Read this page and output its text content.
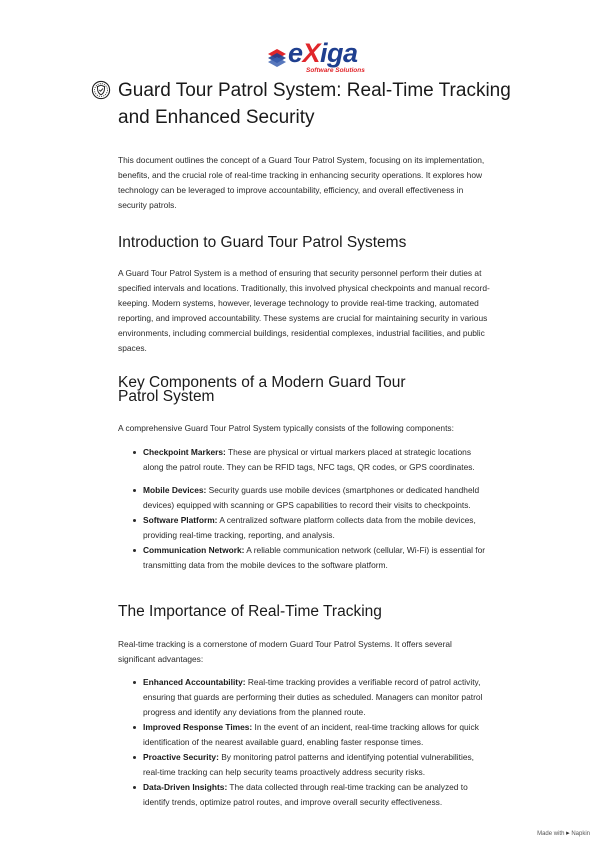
eXiga
Software Solutions
Guard Tour Patrol System: Real-Time Tracking and Enhanced Security

This document outlines the concept of a Guard Tour Patrol System, focusing on its implementation, benefits, and the crucial role of real-time tracking in enhancing security operations. It explores how technology can be leveraged to improve accountability, efficiency, and overall effectiveness in security patrols.

Introduction to Guard Tour Patrol Systems

A Guard Tour Patrol System is a method of ensuring that security personnel perform their duties at specified intervals and locations. Traditionally, this involved physical checkpoints and manual record-keeping. Modern systems, however, leverage technology to provide real-time tracking, automated reporting, and improved accountability. These systems are crucial for maintaining security in various environments, including commercial buildings, residential complexes, industrial facilities, and public spaces.

Key Components of a Modern Guard Tour Patrol System

A comprehensive Guard Tour Patrol System typically consists of the following components:

Checkpoint Markers: These are physical or virtual markers placed at strategic locations along the patrol route. They can be RFID tags, NFC tags, QR codes, or GPS coordinates.
Mobile Devices: Security guards use mobile devices (smartphones or dedicated handheld devices) equipped with scanning or GPS capabilities to record their visits to checkpoints.
Software Platform: A centralized software platform collects data from the mobile devices, providing real-time tracking, reporting, and analysis.
Communication Network: A reliable communication network (cellular, Wi-Fi) is essential for transmitting data from the mobile devices to the software platform.
The Importance of Real-Time Tracking

Real-time tracking is a cornerstone of modern Guard Tour Patrol Systems. It offers several significant advantages:

Enhanced Accountability: Real-time tracking provides a verifiable record of patrol activity, ensuring that guards are performing their duties as scheduled. Managers can monitor patrol progress and identify any deviations from the planned route.
Improved Response Times: In the event of an incident, real-time tracking allows for quick identification of the nearest available guard, enabling faster response times.
Proactive Security: By monitoring patrol patterns and identifying potential vulnerabilities, real-time tracking can help security teams proactively address security risks.
Data-Driven Insights: The data collected through real-time tracking can be analyzed to identify trends, optimize patrol routes, and improve overall security effectiveness.
Made with ▸ Napkin
